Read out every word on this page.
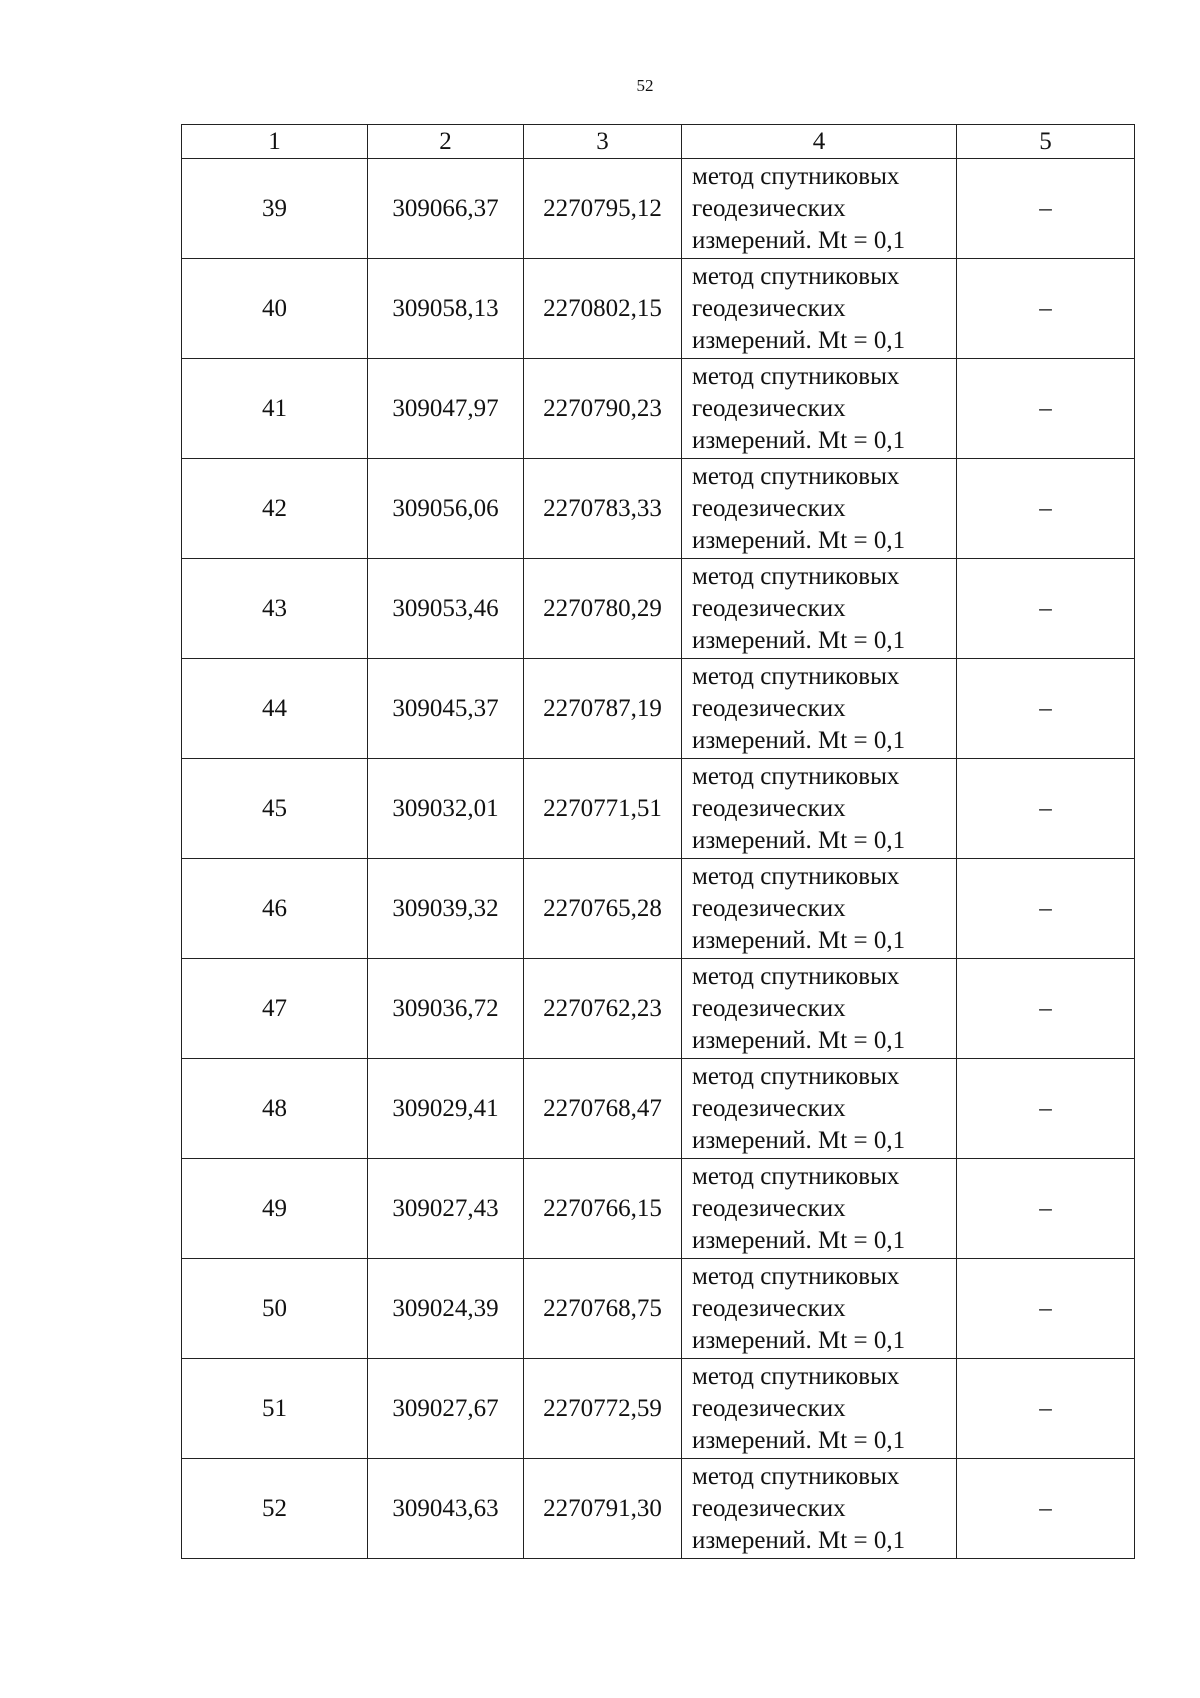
52
1	2	3	4	5
39	309066,37	2270795,12	метод спутниковых
геодезических
измерений. Mt = 0,1	–
40	309058,13	2270802,15	метод спутниковых
геодезических
измерений. Mt = 0,1	–
41	309047,97	2270790,23	метод спутниковых
геодезических
измерений. Mt = 0,1	–
42	309056,06	2270783,33	метод спутниковых
геодезических
измерений. Mt = 0,1	–
43	309053,46	2270780,29	метод спутниковых
геодезических
измерений. Mt = 0,1	–
44	309045,37	2270787,19	метод спутниковых
геодезических
измерений. Mt = 0,1	–
45	309032,01	2270771,51	метод спутниковых
геодезических
измерений. Mt = 0,1	–
46	309039,32	2270765,28	метод спутниковых
геодезических
измерений. Mt = 0,1	–
47	309036,72	2270762,23	метод спутниковых
геодезических
измерений. Mt = 0,1	–
48	309029,41	2270768,47	метод спутниковых
геодезических
измерений. Mt = 0,1	–
49	309027,43	2270766,15	метод спутниковых
геодезических
измерений. Mt = 0,1	–
50	309024,39	2270768,75	метод спутниковых
геодезических
измерений. Mt = 0,1	–
51	309027,67	2270772,59	метод спутниковых
геодезических
измерений. Mt = 0,1	–
52	309043,63	2270791,30	метод спутниковых
геодезических
измерений. Mt = 0,1	–
